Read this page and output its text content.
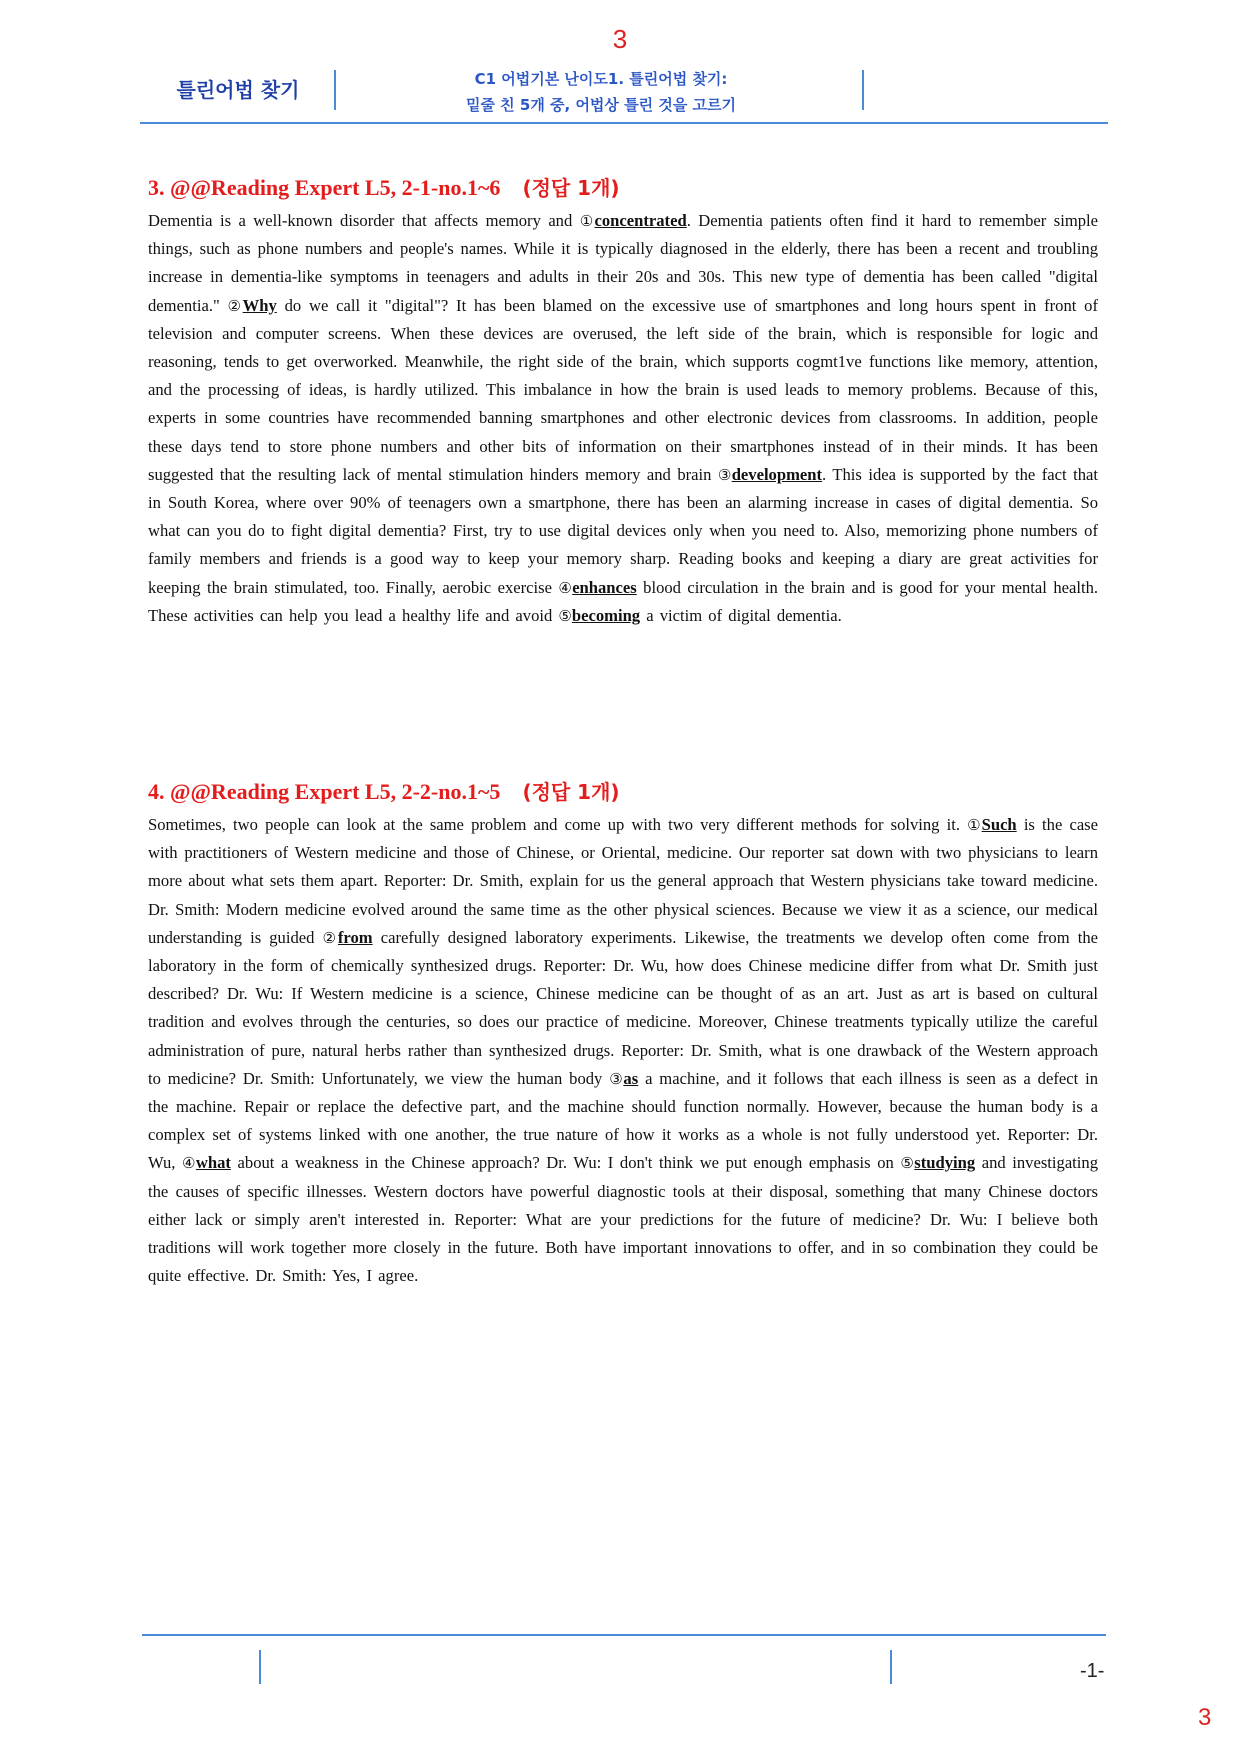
3
틀린어법 찾기	C1 어법기본 난이도1. 틀린어법 찾기:
밑줄 친 5개 중, 어법상 틀린 것을 고르기
3. @@Reading Expert L5, 2-1-no.1~6 (정답 1개)

Dementia is a well-known disorder that affects memory and ①concentrated. Dementia patients often find it hard to remember simple things, such as phone numbers and people's names. While it is typically diagnosed in the elderly, there has been a recent and troubling increase in dementia-like symptoms in teenagers and adults in their 20s and 30s. This new type of dementia has been called "digital dementia." ②Why do we call it "digital"? It has been blamed on the excessive use of smartphones and long hours spent in front of television and computer screens. When these devices are overused, the left side of the brain, which is responsible for logic and reasoning, tends to get overworked. Meanwhile, the right side of the brain, which supports cogmt1ve functions like memory, attention, and the processing of ideas, is hardly utilized. This imbalance in how the brain is used leads to memory problems. Because of this, experts in some countries have recommended banning smartphones and other electronic devices from classrooms. In addition, people these days tend to store phone numbers and other bits of information on their smartphones instead of in their minds. It has been suggested that the resulting lack of mental stimulation hinders memory and brain ③development. This idea is supported by the fact that in South Korea, where over 90% of teenagers own a smartphone, there has been an alarming increase in cases of digital dementia. So what can you do to fight digital dementia? First, try to use digital devices only when you need to. Also, memorizing phone numbers of family members and friends is a good way to keep your memory sharp. Reading books and keeping a diary are great activities for keeping the brain stimulated, too. Finally, aerobic exercise ④enhances blood circulation in the brain and is good for your mental health. These activities can help you lead a healthy life and avoid ⑤becoming a victim of digital dementia.

4. @@Reading Expert L5, 2-2-no.1~5 (정답 1개)

Sometimes, two people can look at the same problem and come up with two very different methods for solving it. ①Such is the case with practitioners of Western medicine and those of Chinese, or Oriental, medicine. Our reporter sat down with two physicians to learn more about what sets them apart. Reporter: Dr. Smith, explain for us the general approach that Western physicians take toward medicine. Dr. Smith: Modern medicine evolved around the same time as the other physical sciences. Because we view it as a science, our medical understanding is guided ②from carefully designed laboratory experiments. Likewise, the treatments we develop often come from the laboratory in the form of chemically synthesized drugs. Reporter: Dr. Wu, how does Chinese medicine differ from what Dr. Smith just described? Dr. Wu: If Western medicine is a science, Chinese medicine can be thought of as an art. Just as art is based on cultural tradition and evolves through the centuries, so does our practice of medicine. Moreover, Chinese treatments typically utilize the careful administration of pure, natural herbs rather than synthesized drugs. Reporter: Dr. Smith, what is one drawback of the Western approach to medicine? Dr. Smith: Unfortunately, we view the human body ③as a machine, and it follows that each illness is seen as a defect in the machine. Repair or replace the defective part, and the machine should function normally. However, because the human body is a complex set of systems linked with one another, the true nature of how it works as a whole is not fully understood yet. Reporter: Dr. Wu, ④what about a weakness in the Chinese approach? Dr. Wu: I don't think we put enough emphasis on ⑤studying and investigating the causes of specific illnesses. Western doctors have powerful diagnostic tools at their disposal, something that many Chinese doctors either lack or simply aren't interested in. Reporter: What are your predictions for the future of medicine? Dr. Wu: I believe both traditions will work together more closely in the future. Both have important innovations to offer, and in so combination they could be quite effective. Dr. Smith: Yes, I agree.

-1-
3
